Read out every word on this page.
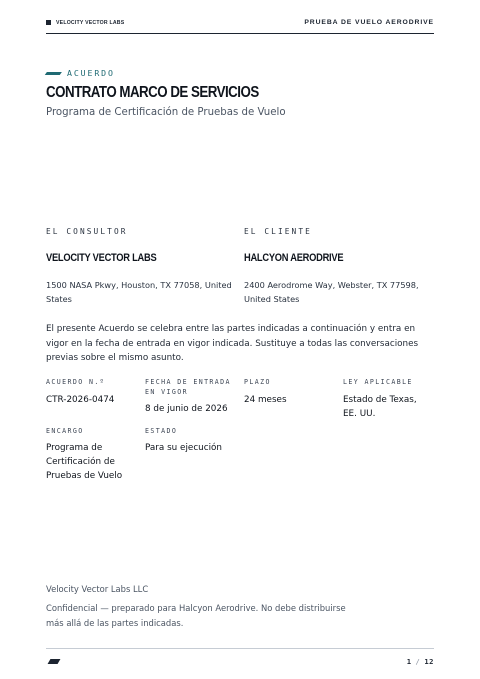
VELOCITY VECTOR LABS	PRUEBA DE VUELO AERODRIVE
ACUERDO
CONTRATO MARCO DE SERVICIOS
Programa de Certificación de Pruebas de Vuelo
EL CONSULTOR
VELOCITY VECTOR LABS
1500 NASA Pkwy, Houston, TX 77058, United States
EL CLIENTE
HALCYON AERODRIVE
2400 Aerodrome Way, Webster, TX 77598, United States

El presente Acuerdo se celebra entre las partes indicadas a continuación y entra en vigor en la fecha de entrada en vigor indicada. Sustituye a todas las conversaciones previas sobre el mismo asunto.

ACUERDO N.º
CTR-2026-0474
FECHA DE ENTRADA EN VIGOR
8 de junio de 2026
PLAZO
24 meses
LEY APLICABLE
Estado de Texas, EE. UU.
ENCARGO
Programa de Certificación de Pruebas de Vuelo
ESTADO
Para su ejecución
Velocity Vector Labs LLC
Confidencial — preparado para Halcyon Aerodrive. No debe distribuirse más allá de las partes indicadas.
1 / 12
